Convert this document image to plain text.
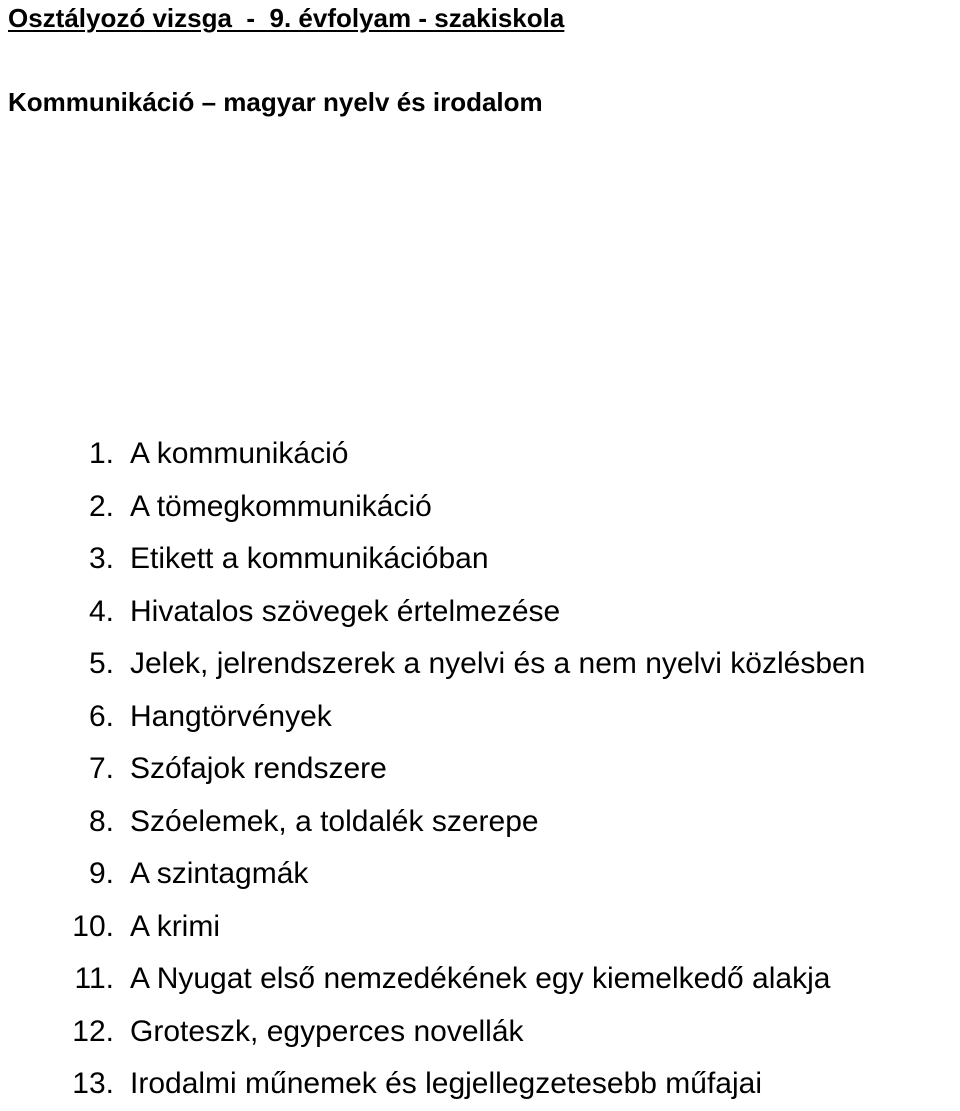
Osztályozó vizsga  -  9. évfolyam - szakiskola
Kommunikáció – magyar nyelv és irodalom
1. A kommunikáció
2. A tömegkommunikáció
3. Etikett a kommunikációban
4. Hivatalos szövegek értelmezése
5. Jelek, jelrendszerek a nyelvi és a nem nyelvi közlésben
6. Hangtörvények
7. Szófajok rendszere
8. Szóelemek, a toldalék szerepe
9. A szintagmák
10. A krimi
11. A Nyugat első nemzedékének egy kiemelkedő alakja
12. Groteszk, egyperces novellák
13. Irodalmi műnemek és legjellegzetesebb műfajai
